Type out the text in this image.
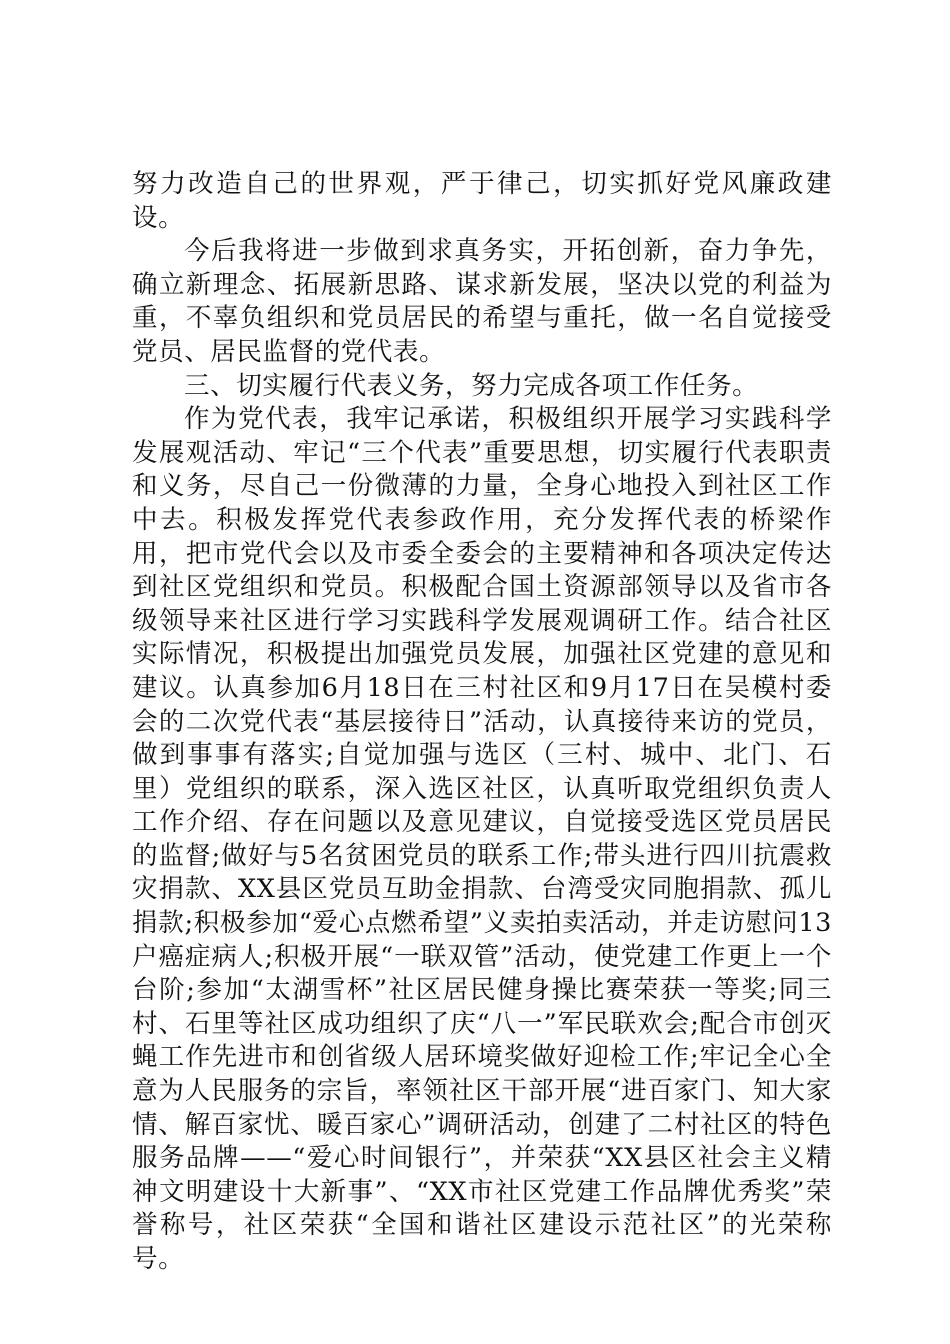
努力改造自己的世界观，严于律己，切实抓好党风廉政建设。

今后我将进一步做到求真务实，开拓创新，奋力争先，确立新理念、拓展新思路、谋求新发展，坚决以党的利益为重，不辜负组织和党员居民的希望与重托，做一名自觉接受党员、居民监督的党代表。

三、切实履行代表义务，努力完成各项工作任务。

作为党代表，我牢记承诺，积极组织开展学习实践科学发展观活动、牢记“三个代表”重要思想，切实履行代表职责和义务，尽自己一份微薄的力量，全身心地投入到社区工作中去。积极发挥党代表参政作用，充分发挥代表的桥梁作用，把市党代会以及市委全委会的主要精神和各项决定传达到社区党组织和党员。积极配合国土资源部领导以及省市各级领导来社区进行学习实践科学发展观调研工作。结合社区实际情况，积极提出加强党员发展，加强社区党建的意见和建议。认真参加6月18日在三村社区和9月17日在吴模村委会的二次党代表“基层接待日”活动，认真接待来访的党员，做到事事有落实;自觉加强与选区（三村、城中、北门、石里）党组织的联系，深入选区社区，认真听取党组织负责人工作介绍、存在问题以及意见建议，自觉接受选区党员居民的监督;做好与5名贫困党员的联系工作;带头进行四川抗震救灾捐款、XX县区党员互助金捐款、台湾受灾同胞捐款、孤儿捐款;积极参加“爱心点燃希望”义卖拍卖活动，并走访慰问13户癌症病人;积极开展“一联双管”活动，使党建工作更上一个台阶;参加“太湖雪杯”社区居民健身操比赛荣获一等奖;同三村、石里等社区成功组织了庆“八一”军民联欢会;配合市创灭蝇工作先进市和创省级人居环境奖做好迎检工作;牢记全心全意为人民服务的宗旨，率领社区干部开展“进百家门、知大家情、解百家忧、暖百家心”调研活动，创建了二村社区的特色服务品牌——“爱心时间银行”，并荣获“XX县区社会主义精神文明建设十大新事”、“XX市社区党建工作品牌优秀奖”荣誉称号，社区荣获“全国和谐社区建设示范社区”的光荣称号。
